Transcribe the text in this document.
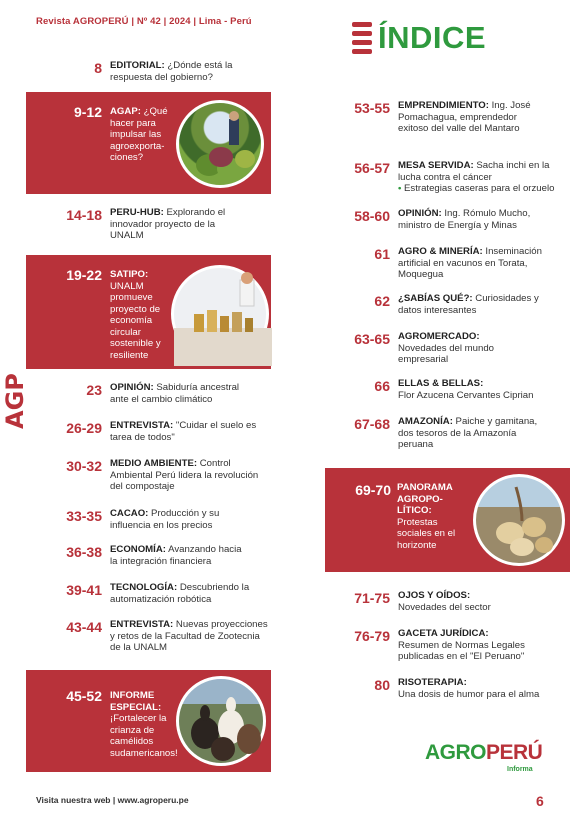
Revista AGROPERÚ | Nº 42 | 2024 | Lima - Perú	ÍNDICE
AGP
8 EDITORIAL: ¿Dónde está la respuesta del gobierno?
14-18 PERU-HUB: Explorando el innovador proyecto de la UNALM
23 OPINIÓN: Sabiduría ancestral ante el cambio climático
26-29 ENTREVISTA: "Cuidar el suelo es tarea de todos"
30-32 MEDIO AMBIENTE: Control Ambiental Perú lidera la revolución del compostaje
33-35 CACAO: Producción y su influencia en los precios
36-38 ECONOMÍA: Avanzando hacia la integración financiera
39-41 TECNOLOGÍA: Descubriendo la automatización robótica
43-44 ENTREVISTA: Nuevas proyecciones y retos de la Facultad de Zootecnia de la UNALM
9-12 AGAP: ¿Qué hacer para impulsar las agroexporta-ciones?
19-22 SATIPO: UNALM promueve proyecto de economía circular sostenible y resiliente
45-52 INFORME ESPECIAL: ¡Fortalecer la crianza de camélidos sudamericanos!
53-55 EMPRENDIMIENTO: Ing. José Pomachagua, emprendedor exitoso del valle del Mantaro
56-57 MESA SERVIDA: Sacha inchi en la lucha contra el cáncer
• Estrategias caseras para el orzuelo
58-60 OPINIÓN: Ing. Rómulo Mucho, ministro de Energía y Minas
61 AGRO & MINERÍA: Inseminación artificial en vacunos en Torata, Moquegua
62 ¿SABÍAS QUÉ?: Curiosidades y datos interesantes
63-65 AGROMERCADO: Novedades del mundo empresarial
66 ELLAS & BELLAS:
Flor Azucena Cervantes Ciprian
67-68 AMAZONÍA: Paiche y gamitana, dos tesoros de la Amazonía peruana
69-70 PANORAMA AGROPO-LÍTICO: Protestas sociales en el horizonte
71-75 OJOS Y OÍDOS:
Novedades del sector
76-79 GACETA JURÍDICA:
Resumen de Normas Legales publicadas en el "El Peruano"
80 RISOTERAPIA:
Una dosis de humor para el alma
AGROPERÚ
Informa
Visita nuestra web | www.agroperu.pe	6
